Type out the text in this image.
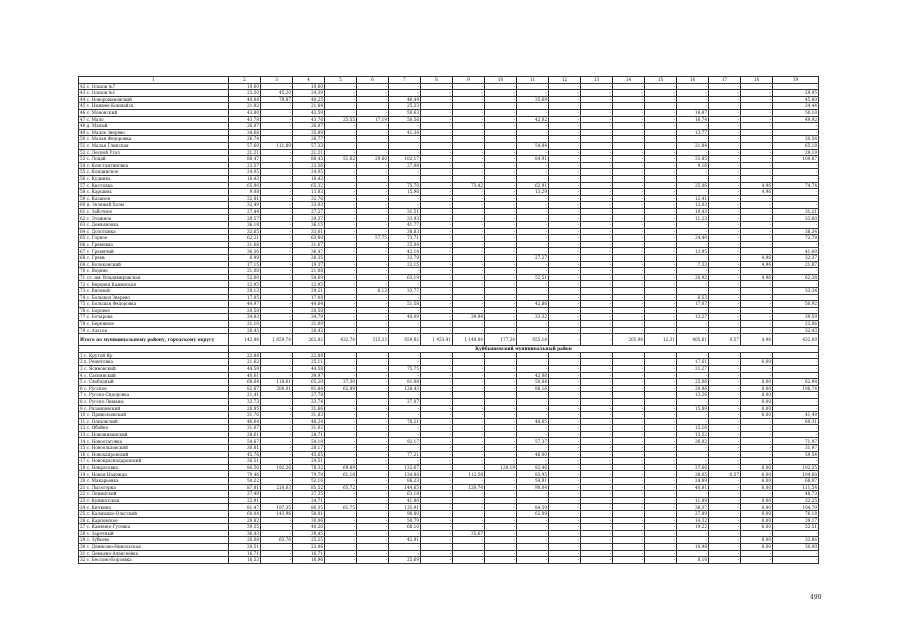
1	2	3	4	5	6	7	8	9	10	11	12	13	14	15	16	17	18	19
42 с. Ольхов №7	19,60	-	19,60	-	-	-	-	-	-	-	-	-	-	-	-	-	-	-
43 с. Ольхов №1	23,50	45,20	24,39	-	-	-	-	-	-	-	-	-	-	-	-	-	-	29,95
44 с. Новоромановский	40,88	78,87	40,25	-	-	46,49	-	-	-	35,69	-	-	-	-	-	-	-	45,60
45 с. Нижнее Кокшайск	21,82	-	21,84	-	-	25,33	-	-	-	-	-	-	-	-	-	-	-	24,44
46 с. Мононский	43,80	-	43,59	-	-	50,63	-	-	-	-	-	-	-	-	16,87	-	-	50,10
47 с. Мало	43,78	-	43,76	25,55	17,19	50,56	-	-	-	42,02	-	-	-	-	16,74	-	-	49,92
48 д. Малый	26,07	-	26,07	-	-	-	-	-	-	-	-	-	-	-	-	-	-	-
49 с. Малое Зверево	34,68	-	35,89	-	-	41,34	-	-	-	-	-	-	-	-	13,77	-	-	-
50 с. Малая Федоровка	26,74	-	26,77	-	-	-	-	-	-	-	-	-	-	-	-	-	-	30,54
51 с. Малая Глинская	57,60	111,80	57,33	-	-	-	-	-	-	54,84	-	-	-	-	21,84	-	-	65,18
52 с. Лесной Угол	21,21	-	21,21	-	-	-	-	-	-	-	-	-	-	-	-	-	-	29,19
53 с. Лоцай	88,47	-	88,43	51,62	29,60	102,17	-	-	-	84,91	-	-	-	-	33,85	-	-	100,87
54 с. Константиновка	23,57	-	23,56	-	-	27,08	-	-	-	-	-	-	-	-	9,16	-	-	-
55 с. Кондинское	24,05	-	24,05	-	-	-	-	-	-	-	-	-	-	-	-	-	-	-
56 с. Кудинка	16,43	-	16,43	-	-	-	-	-	-	-	-	-	-	-	-	-	-	-
57 с. Кисловка	65,90	-	65,32	-	-	75,70	-	73,42	-	62,91	-	-	-	-	25,06	-	4,96	74,74
58 с. Каршинь	9,08	-	13,83	-	-	15,96	-	-	-	13,29	-	-	-	-	-	-	4,96	-
59 с. Казанов	32,81	-	32,76	-	-	-	-	-	-	-	-	-	-	-	12,41	-	-	-
60 п. Зеленый Холм	32,49	-	33,03	-	-	-	-	-	-	-	-	-	-	-	12,63	-	-	-
61 с. Заботное	27,44	-	27,27	-	-	31,51	-	-	-	-	-	-	-	-	10,43	-	-	31,21
62 с. Этажное	29,57	-	29,37	-	-	33,93	-	-	-	-	-	-	-	-	11,23	-	-	33,60
63 с. Демьяновка	36,18	-	36,15	-	-	41,77	-	-	-	-	-	-	-	-	-	-	-	-
64 с. Долотинка	33,65	-	33,61	-	-	38,83	-	-	-	-	-	-	-	-	-	-	-	38,34
65 с. Горное	62,21	-	63,80	-	57,75	73,71	-	-	-	-	-	-	-	-	24,40	-	-	72,78
66 с. Гремовка	21,68	-	21,67	-	-	25,04	-	-	-	-	-	-	-	-	-	-	-	-
67 с. Гремячий	36,36	-	36,47	-	-	42,14	-	-	-	-	-	-	-	-	13,95	-	-	41,60
68 с. Гремь	6,99	-	28,35	-	-	32,79	-	-	-	27,27	-	-	-	-	-	-	4,96	32,37
69 с. Волоконский	17,15	-	19,37	-	-	22,15	-	-	-	-	-	-	-	-	7,33	-	4,96	21,87
70 с. Водяне	21,08	-	21,08	-	-	-	-	-	-	-	-	-	-	-	-	-	-	-
71 сл. им. Владимировская	52,60	-	54,69	-	-	63,19	-	-	-	52,51	-	-	-	-	20,92	-	4,96	62,38
72 с. Верхняя Каменская	22,95	-	22,95	-	-	-	-	-	-	-	-	-	-	-	-	-	-	-
73 с. Вязовой	29,13	-	29,21	-	8,13	33,77	-	-	-	-	-	-	-	-	-	-	-	33,34
74 с. Большое Зверево	17,05	-	17,08	-	-	-	-	-	-	-	-	-	-	-	6,53	-	-	-
75 с. Большая Федоровка	44,97	-	44,64	-	-	51,58	-	-	-	42,86	-	-	-	-	17,07	-	-	50,92
76 с. Боровое	20,58	-	20,58	-	-	-	-	-	-	-	-	-	-	-	-	-	-	-
77 с. Бочарова	34,83	-	34,79	-	-	40,09	-	39,94	-	33,32	-	-	-	-	13,27	-	-	39,59
78 с. Бережное	21,10	-	21,09	-	-	-	-	-	-	-	-	-	-	-	-	-	-	23,06
79 с. Азатов	28,45	-	28,42	-	-	-	-	-	-	-	-	-	-	-	-	-	-	32,43
Итого по муниципальному району, городскому округу	142,46	1 659,70	262,82	432,70	315,23	659,82	1 453,41	1 148,80	177,20	655,18	-	-	205,96	12,31	405,61	0,57	4,96	432,69
	Куйбышевский муниципальный район																	
1 с. Крутой Яр	22,88	-	22,88	-	-	-	-	-	-	-	-	-	-	-	-	-	-	-
2 х. Решетовка	21,62	-	25,11	-	-	-	-	-	-	-	-	-	-	-	17,61	-	6,00	-
3 с. Ясиновский	44,58	-	44,58	-	-	75,75	-	-	-	-	-	-	-	-	21,27	-	-	-
4 с. Саснянский	40,01	-	39,97	-	-	-	-	-	-	42,08	-	-	-	-	-	-	-	-
5 с. Свободный	68,64	118,61	65,20	37,30	-	81,68	-	-	-	50,84	-	-	-	-	25,06	-	6,00	62,98
6 с. Русское	82,67	200,01	81,84	62,89	-	128,43	-	-	-	86,16	-	-	-	-	29,96	-	6,00	106,74
7 с. Русско-Сидоровка	21,41	-	27,78	-	-	-	-	-	-	-	-	-	-	-	13,26	-	6,00	-
8 с. Русско-Лиманы	32,73	-	33,74	-	-	37,07	-	-	-	-	-	-	-	-	-	-	6,00	-
9 с. Рязанцевский	28,85	-	31,66	-	-	-	-	-	-	-	-	-	-	-	15,89	-	6,00	-
10 с. Привольевский	31,76	-	31,83	-	-	-	-	-	-	-	-	-	-	-	-	-	6,00	41,49
11 с. Ольховский	46,64	-	46,24	-	-	78,21	-	-	-	48,65	-	-	-	-	-	-	-	60,31
12 с. Обойно	31,67	-	31,62	-	-	-	-	-	-	-	-	-	-	-	15,16	-	-	-
13 с. Новоживанский	28,61	-	28,71	-	-	-	-	-	-	-	-	-	-	-	13,52	-	-	-
14 с. Новоотаговка	54,67	-	54,19	-	-	92,17	-	-	-	57,37	-	-	-	-	26,02	-	-	71,97
15 с. Новоольховский	30,81	-	28,17	-	-	-	-	-	-	-	-	-	-	-	-	-	-	31,97
16 с. Новохапровский	45,76	-	45,65	-	-	77,21	-	-	-	46,00	-	-	-	-	-	-	-	59,54
17 с. Новокраснодаровский	26,51	-	24,51	-	-	-	-	-	-	-	-	-	-	-	-	-	-	-
18 с. Некрасовка	80,50	192,26	78,32	69,89	-	132,67	-	-	128,19	82,46	-	-	-	-	37,66	-	6,00	102,35
19 с. Новая Надежда	79,46	-	79,79	61,18	-	134,88	-	112,58	-	83,95	-	-	-	-	38,05	0,57	6,00	104,00
20 с. Макарьевка	50,22	-	52,16	-	-	88,23	-	-	-	54,91	-	-	-	-	24,89	-	6,00	68,07
21 с. Лысогорка	87,81	210,03	85,52	65,72	-	144,65	-	120,74	-	90,04	-	-	-	-	40,81	-	6,00	111,54
22 с. Ленинский	37,49	-	37,35	-	-	63,18	-	-	-	-	-	-	-	-	-	-	-	48,73
23 с. Кумшатская	22,91	-	24,71	-	-	41,80	-	-	-	-	-	-	-	-	11,89	-	6,00	32,25
24 с. Кичкино	81,47	197,35	80,35	61,75	-	135,91	-	-	-	84,59	-	-	-	-	38,37	-	6,00	104,79
25 с. Калмыцко-Ольгский	60,04	143,96	58,01	-	-	98,80	-	-	-	62,09	-	-	-	-	27,89	-	6,00	76,18
26 с. Карповское	29,82	-	30,06	-	-	50,79	-	-	-	-	-	-	-	-	14,32	-	6,00	39,17
27 с. Каменно-Гусевка	39,35	-	40,26	-	-	68,10	-	-	-	-	-	-	-	-	19,22	-	6,00	52,51
28 с. Заречный	36,43	-	29,45	-	-	-	-	35,67	-	-	-	-	-	-	-	-	-	-
29 с. Зубково	26,08	63,76	25,25	-	-	42,91	-	-	-	-	-	-	-	-	-	-	6,00	33,86
30 с. Денисово-Никольская	20,51	-	23,06	-	-	-	-	-	-	-	-	-	-	-	10,98	-	6,00	30,00
31 с. Демьяно-Алексеевка	16,71	-	16,71	-	-	-	-	-	-	-	-	-	-	-	-	-	-	-
32 с. Бессоно-Борзовка	16,53	-	16,96	-	-	25,69	-	-	-	-	-	-	-	-	8,10	-	-	-
490
